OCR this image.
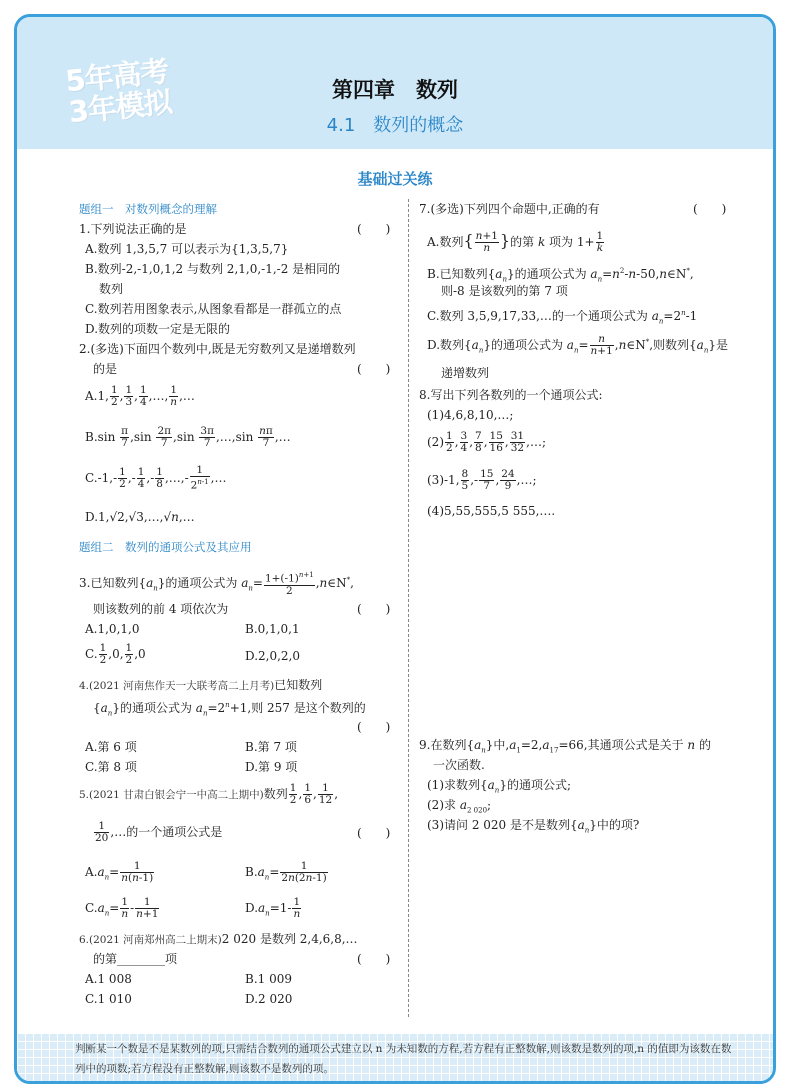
5年高考
3年模拟	第四章　数列
4.1　数列的概念
基础过关练
题组一　对数列概念的理解
1.下列说法正确的是	(　　)
A.数列 1,3,5,7 可以表示为{1,3,5,7}
B.数列-2,-1,0,1,2 与数列 2,1,0,-1,-2 是相同的
数列
C.数列若用图象表示,从图象看都是一群孤立的点
D.数列的项数一定是无限的
2.(多选)下面四个数列中,既是无穷数列又是递增数列
的是	(　　)
A.1, $\frac{1}{2}$ , $\frac{1}{3}$ , $\frac{1}{4}$ ,…, $\frac{1}{n}$ ,…
$B.\sin \frac{\pi}{7} ,\sin \frac{2\pi}{7} ,\sin \frac{3\pi}{7}$ ,…,sin $\frac{n\pi}{7}$ ,…
$C.-1,- \frac{1}{2}$ ,- $\frac{1}{4}$ ,- $\frac{1}{8}$ ,…,- $\frac{1}{2^{n-1}}$ ,…
D.1,√2,√3,…,√n,…
题组二　数列的通项公式及其应用
3.已知数列$\{a_n\}$的通项公式为 $a_n= \frac{1+(-1)^{n+1}}{2}$ ,n∈N*,
则该数列的前 4 项依次为	(　　)
A.1,0,1,0	B.0,1,0,1
C. $\frac{1}{2} ,0$, $\frac{1}{2} ,0$	D.2,0,2,0
4.(2021 河南焦作天一大联考高二上月考)已知数列
$\{a_n\}$的通项公式为 $a_n=2^n+1$,则 257 是这个数列的
(　　)
A.第 6 项	B.第 7 项
C.第 8 项	D.第 9 项
5.(2021 甘肃白银会宁一中高二上期中)数列 $\frac{1}{2}$ , $\frac{1}{6}$ , $\frac{1}{12}$ ,
$\frac{1}{20}$ ,…的一个通项公式是	(　　)
$A.a_n= \frac{1}{n(n-1)}$	$B.a_n= \frac{1}{2n(2n-1)}$
$C.a_n= \frac{1}{n} - \frac{1}{n+1}$	$D.a_n=1- \frac{1}{n}$
6.(2021 河南郑州高二上期末)2 020 是数列 2,4,6,8,…
的第________项	(　　)
A.1 008	B.1 009
C.1 010	D.2 020
7.(多选)下列四个命题中,正确的有	(　　)
A.数列{ $\frac{n+1}{n}$ }的第 k 项为 $1+ \frac{1}{k}$
B.已知数列$\{a_n\}$的通项公式为 $a_n=n^2-n-50,n\in N^*$,
则-8 是该数列的第 7 项
C.数列 3,5,9,17,33,…的一个通项公式为 $a_n=2^n-1$
D.数列$\{a_n\}$的通项公式为 $a_n= \frac{n}{n+1}$ ,n∈N*,则数列$\{a_n\}$是
递增数列
8.写出下列各数列的一个通项公式:
(1)4,6,8,10,…;
$(2) \frac{1}{2}$ , $\frac{3}{4}$ , $\frac{7}{8}$ , $\frac{15}{16}$ , $\frac{31}{32}$ ,…;
(3)-1, $\frac{8}{5}$ ,- $\frac{15}{7}$ , $\frac{24}{9}$ ,…;
(4)5,55,555,5 555,….
9.在数列$\{a_n\}$中$,a_1=2,a_{17}=66$,其通项公式是关于 n 的
一次函数.
(1)求数列$\{a_n\}$的通项公式;
(2)求 $a_{2 020}$;
(3)请问 2 020 是不是数列$\{a_n\}$中的项?

判断某一个数是不是某数列的项,只需结合数列的通项公式建立以 n 为未知数的方程,若方程有正整数解,则该数是数列的项,n 的值即为该数在数列中的项数;若方程没有正整数解,则该数不是数列的项。
